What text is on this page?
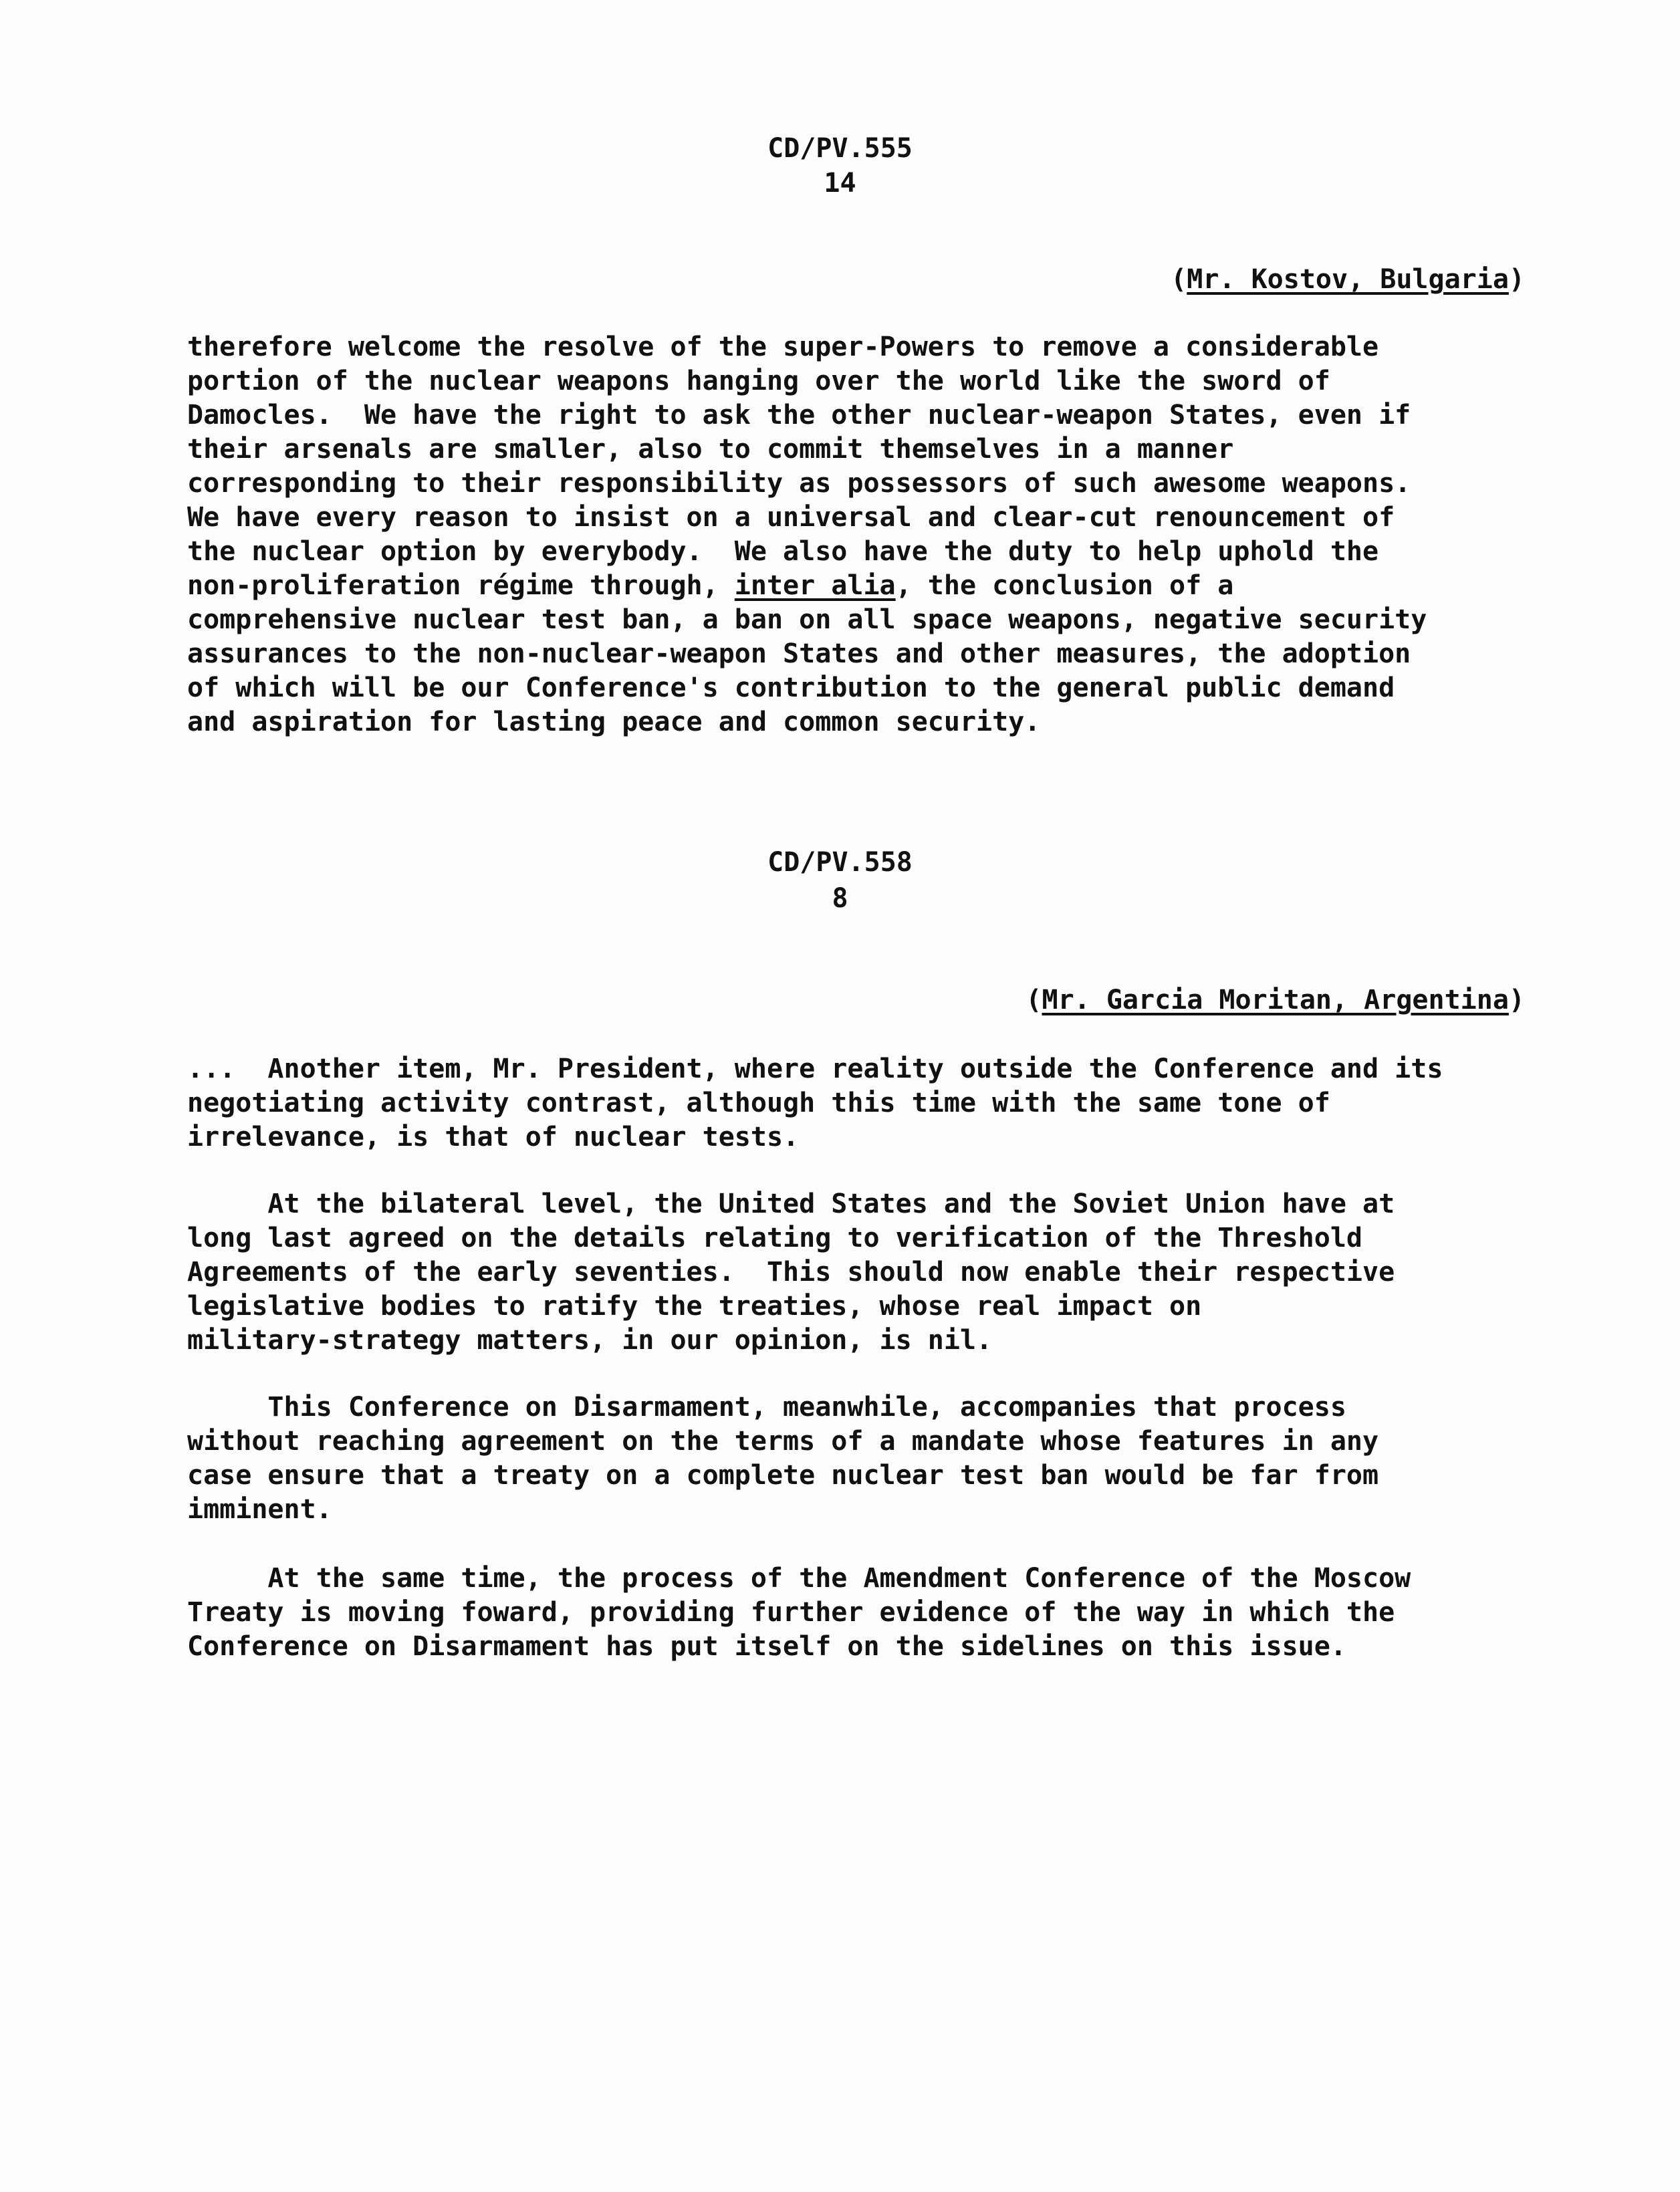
CD/PV.555
14
(Mr. Kostov, Bulgaria)
therefore welcome the resolve of the super-Powers to remove a considerable
portion of the nuclear weapons hanging over the world like the sword of
Damocles.  We have the right to ask the other nuclear-weapon States, even if
their arsenals are smaller, also to commit themselves in a manner
corresponding to their responsibility as possessors of such awesome weapons.
We have every reason to insist on a universal and clear-cut renouncement of
the nuclear option by everybody.  We also have the duty to help uphold the
non-proliferation régime through, inter alia, the conclusion of a
comprehensive nuclear test ban, a ban on all space weapons, negative security
assurances to the non-nuclear-weapon States and other measures, the adoption
of which will be our Conference's contribution to the general public demand
and aspiration for lasting peace and common security.
CD/PV.558
8
(Mr. Garcia Moritan, Argentina)
...  Another item, Mr. President, where reality outside the Conference and its
negotiating activity contrast, although this time with the same tone of
irrelevance, is that of nuclear tests.
At the bilateral level, the United States and the Soviet Union have at
long last agreed on the details relating to verification of the Threshold
Agreements of the early seventies.  This should now enable their respective
legislative bodies to ratify the treaties, whose real impact on
military-strategy matters, in our opinion, is nil.
This Conference on Disarmament, meanwhile, accompanies that process
without reaching agreement on the terms of a mandate whose features in any
case ensure that a treaty on a complete nuclear test ban would be far from
imminent.
At the same time, the process of the Amendment Conference of the Moscow
Treaty is moving foward, providing further evidence of the way in which the
Conference on Disarmament has put itself on the sidelines on this issue.
